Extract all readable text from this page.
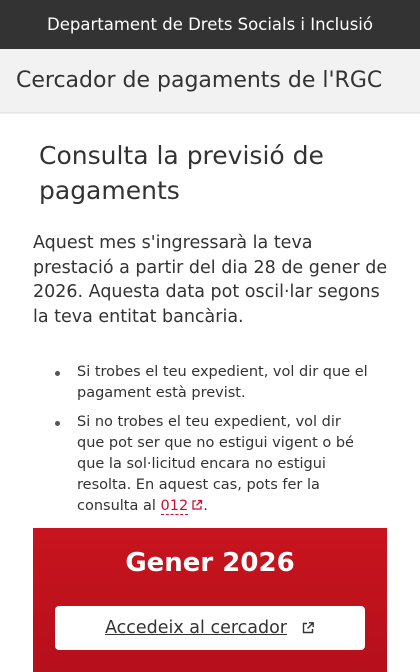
Departament de Drets Socials i Inclusió
Cercador de pagaments de l'RGC
Consulta la previsió de pagaments

Aquest mes s'ingressarà la teva prestació a partir del dia 28 de gener de 2026. Aquesta data pot oscil·lar segons la teva entitat bancària.

Si trobes el teu expedient, vol dir que el pagament està previst.
Si no trobes el teu expedient, vol dir que pot ser que no estigui vigent o bé que la sol·licitud encara no estigui resolta. En aquest cas, pots fer la consulta al 012 .
Gener 2026
Accedeix al cercador
